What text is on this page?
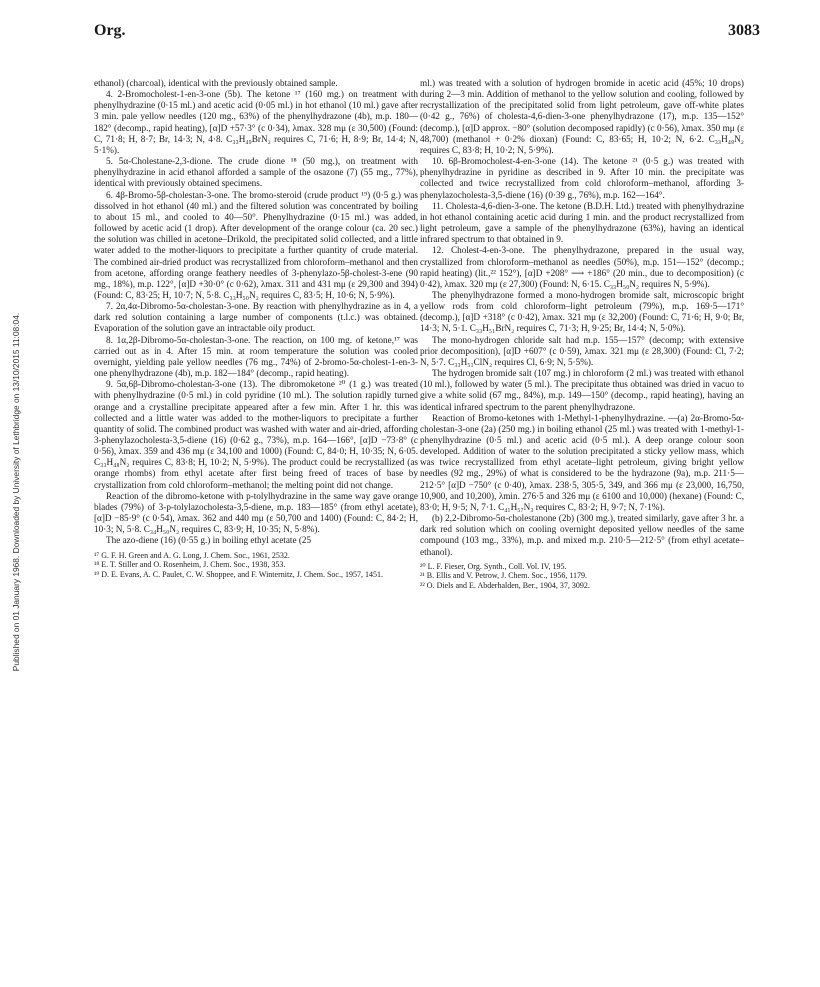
Org.	3083
Published on 01 January 1968. Downloaded by University of Lethbridge on 13/10/2015 11:08:04.

ethanol) (charcoal), identical with the previously obtained sample.

4. 2-Bromocholest-1-en-3-one (5b). The ketone ¹⁷ (160 mg.) on treatment with phenylhydrazine (0·15 ml.) and acetic acid (0·05 ml.) in hot ethanol (10 ml.) gave after 3 min. pale yellow needles (120 mg., 63%) of the phenylhydrazone (4b), m.p. 180—182° (decomp., rapid heating), [α]D +57·3° (c 0·34), λmax. 328 mμ (ε 30,500) (Found: C, 71·8; H, 8·7; Br, 14·3; N, 4·8. C₃₃H₄₉BrN₂ requires C, 71·6; H, 8·9; Br, 14·4; N, 5·1%).

5. 5α-Cholestane-2,3-dione. The crude dione ¹⁸ (50 mg.), on treatment with phenylhydrazine in acid ethanol afforded a sample of the osazone (7) (55 mg., 77%), identical with previously obtained specimens.

6. 4β-Bromo-5β-cholestan-3-one. The bromo-steroid (crude product ¹⁹) (0·5 g.) was dissolved in hot ethanol (40 ml.) and the filtered solution was concentrated by boiling to about 15 ml., and cooled to 40—50°. Phenylhydrazine (0·15 ml.) was added, followed by acetic acid (1 drop). After development of the orange colour (ca. 20 sec.) the solution was chilled in acetone–Drikold, the precipitated solid collected, and a little water added to the mother-liquors to precipitate a further quantity of crude material. The combined air-dried product was recrystallized from chloroform–methanol and then from acetone, affording orange feathery needles of 3-phenylazo-5β-cholest-3-ene (90 mg., 18%), m.p. 122°, [α]D +30·0° (c 0·62), λmax. 311 and 431 mμ (ε 29,300 and 394) (Found: C, 83·25; H, 10·7; N, 5·8. C₃₃H₅₀N₂ requires C, 83·5; H, 10·6; N, 5·9%).

7. 2α,4α-Dibromo-5α-cholestan-3-one. By reaction with phenylhydrazine as in 4, a dark red solution containing a large number of components (t.l.c.) was obtained. Evaporation of the solution gave an intractable oily product.

8. 1α,2β-Dibromo-5α-cholestan-3-one. The reaction, on 100 mg. of ketone,¹⁷ was carried out as in 4. After 15 min. at room temperature the solution was cooled overnight, yielding pale yellow needles (76 mg., 74%) of 2-bromo-5α-cholest-1-en-3-one phenylhydrazone (4b), m.p. 182—184° (decomp., rapid heating).

9. 5α,6β-Dibromo-cholestan-3-one (13). The dibromoketone ²⁰ (1 g.) was treated with phenylhydrazine (0·5 ml.) in cold pyridine (10 ml.). The solution rapidly turned orange and a crystalline precipitate appeared after a few min. After 1 hr. this was collected and a little water was added to the mother-liquors to precipitate a further quantity of solid. The combined product was washed with water and air-dried, affording 3-phenylazocholesta-3,5-diene (16) (0·62 g., 73%), m.p. 164—166°, [α]D −73·8° (c 0·56), λmax. 359 and 436 mμ (ε 34,100 and 1000) (Found: C, 84·0; H, 10·35; N, 6·05. C₃₃H₄₈N₂ requires C, 83·8; H, 10·2; N, 5·9%). The product could be recrystallized (as orange rhombs) from ethyl acetate after first being freed of traces of base by crystallization from cold chloroform–methanol; the melting point did not change.

Reaction of the dibromo-ketone with p-tolylhydrazine in the same way gave orange blades (79%) of 3-p-tolylazocholesta-3,5-diene, m.p. 183—185° (from ethyl acetate), [α]D −85·9° (c 0·54), λmax. 362 and 440 mμ (ε 50,700 and 1400) (Found: C, 84·2; H, 10·3; N, 5·8. C₃₄H₅₀N₂ requires C, 83·9; H, 10·35; N, 5·8%).

The azo-diene (16) (0·55 g.) in boiling ethyl acetate (25

¹⁷ G. F. H. Green and A. G. Long, J. Chem. Soc., 1961, 2532.
¹⁸ E. T. Stiller and O. Rosenheim, J. Chem. Soc., 1938, 353.
¹⁹ D. E. Evans, A. C. Paulet, C. W. Shoppee, and F. Winternitz, J. Chem. Soc., 1957, 1451.

ml.) was treated with a solution of hydrogen bromide in acetic acid (45%; 10 drops) during 2—3 min. Addition of methanol to the yellow solution and cooling, followed by recrystallization of the precipitated solid from light petroleum, gave off-white plates (0·42 g., 76%) of cholesta-4,6-dien-3-one phenylhydrazone (17), m.p. 135—152° (decomp.), [α]D approx. −80° (solution decomposed rapidly) (c 0·56), λmax. 350 mμ (ε 48,700) (methanol + 0·2% dioxan) (Found: C, 83·65; H, 10·2; N, 6·2. C₃₃H₄₈N₂ requires C, 83·8; H, 10·2; N, 5·9%).

10. 6β-Bromocholest-4-en-3-one (14). The ketone ²¹ (0·5 g.) was treated with phenylhydrazine in pyridine as described in 9. After 10 min. the precipitate was collected and twice recrystallized from cold chloroform–methanol, affording 3-phenylazocholesta-3,5-diene (16) (0·39 g., 76%), m.p. 162—164°.

11. Cholesta-4,6-dien-3-one. The ketone (B.D.H. Ltd.) treated with phenylhydrazine in hot ethanol containing acetic acid during 1 min. and the product recrystallized from light petroleum, gave a sample of the phenylhydrazone (63%), having an identical infrared spectrum to that obtained in 9.

12. Cholest-4-en-3-one. The phenylhydrazone, prepared in the usual way, crystallized from chloroform–methanol as needles (50%), m.p. 151—152° (decomp.; rapid heating) (lit.,²² 152°), [α]D +208° ⟶ +186° (20 min., due to decomposition) (c 0·42), λmax. 320 mμ (ε 27,300) (Found: N, 6·15. C₃₃H₅₀N₂ requires N, 5·9%).

The phenylhydrazone formed a mono-hydrogen bromide salt, microscopic bright yellow rods from cold chloroform–light petroleum (79%), m.p. 169·5—171° (decomp.), [α]D +318° (c 0·42), λmax. 321 mμ (ε 32,200) (Found: C, 71·6; H, 9·0; Br, 14·3; N, 5·1. C₃₃H₅₁BrN₂ requires C, 71·3; H, 9·25; Br, 14·4; N, 5·0%).

The mono-hydrogen chloride salt had m.p. 155—157° (decomp; with extensive prior decomposition), [α]D +607° (c 0·59), λmax. 321 mμ (ε 28,300) (Found: Cl, 7·2; N, 5·7. C₃₃H₅₁ClN₂ requires Cl, 6·9; N, 5·5%).

The hydrogen bromide salt (107 mg.) in chloroform (2 ml.) was treated with ethanol (10 ml.), followed by water (5 ml.). The precipitate thus obtained was dried in vacuo to give a white solid (67 mg., 84%), m.p. 149—150° (decomp., rapid heating), having an identical infrared spectrum to the parent phenylhydrazone.

Reaction of Bromo-ketones with 1-Methyl-1-phenylhydrazine. —(a) 2α-Bromo-5α-cholestan-3-one (2a) (250 mg.) in boiling ethanol (25 ml.) was treated with 1-methyl-1-phenylhydrazine (0·5 ml.) and acetic acid (0·5 ml.). A deep orange colour soon developed. Addition of water to the solution precipitated a sticky yellow mass, which was twice recrystallized from ethyl acetate–light petroleum, giving bright yellow needles (92 mg., 29%) of what is considered to be the hydrazone (9a), m.p. 211·5—212·5° [α]D −750° (c 0·40), λmax. 238·5, 305·5, 349, and 366 mμ (ε 23,000, 16,750, 10,900, and 10,200), λmin. 276·5 and 326 mμ (ε 6100 and 10,000) (hexane) (Found: C, 83·0; H, 9·5; N, 7·1. C₄₁H₅₇N₃ requires C, 83·2; H, 9·7; N, 7·1%).

(b) 2,2-Dibromo-5α-cholestanone (2b) (300 mg.), treated similarly, gave after 3 hr. a dark red solution which on cooling overnight deposited yellow needles of the same compound (103 mg., 33%), m.p. and mixed m.p. 210·5—212·5° (from ethyl acetate–ethanol).

²⁰ L. F. Fieser, Org. Synth., Coll. Vol. IV, 195.
²¹ B. Ellis and V. Petrow, J. Chem. Soc., 1956, 1179.
²² O. Diels and E. Abderhalden, Ber., 1904, 37, 3092.
